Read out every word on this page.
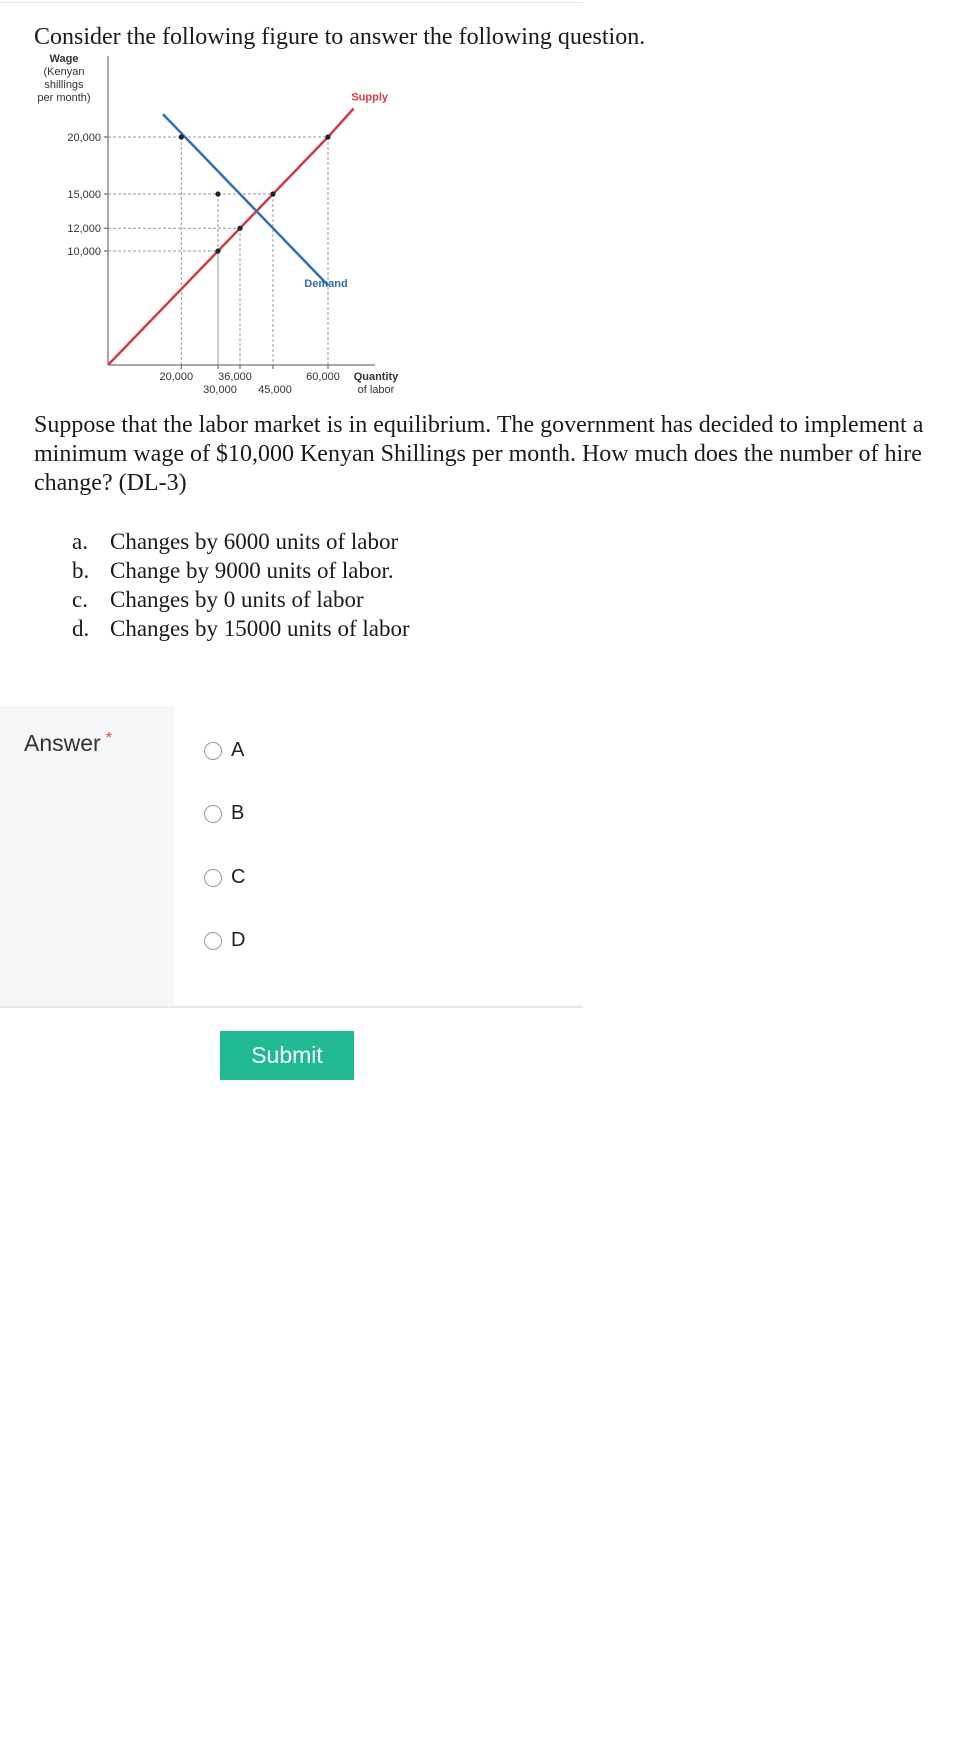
Consider the following figure to answer the following question.
20,000
15,000
12,000
10,000
20,000
30,000
36,000
45,000
60,000
Supply
Demand
Wage
(Kenyan
shillings
per month)
Quantity
of labor
Suppose that the labor market is in equilibrium. The government has decided to implement a
minimum wage of $10,000 Kenyan Shillings per month. How much does the number of hire
change? (DL-3)
a. Changes by 6000 units of labor
b. Change by 9000 units of labor.
c. Changes by 0 units of labor
d. Changes by 15000 units of labor
Answer *
A
B
C
D
Submit
